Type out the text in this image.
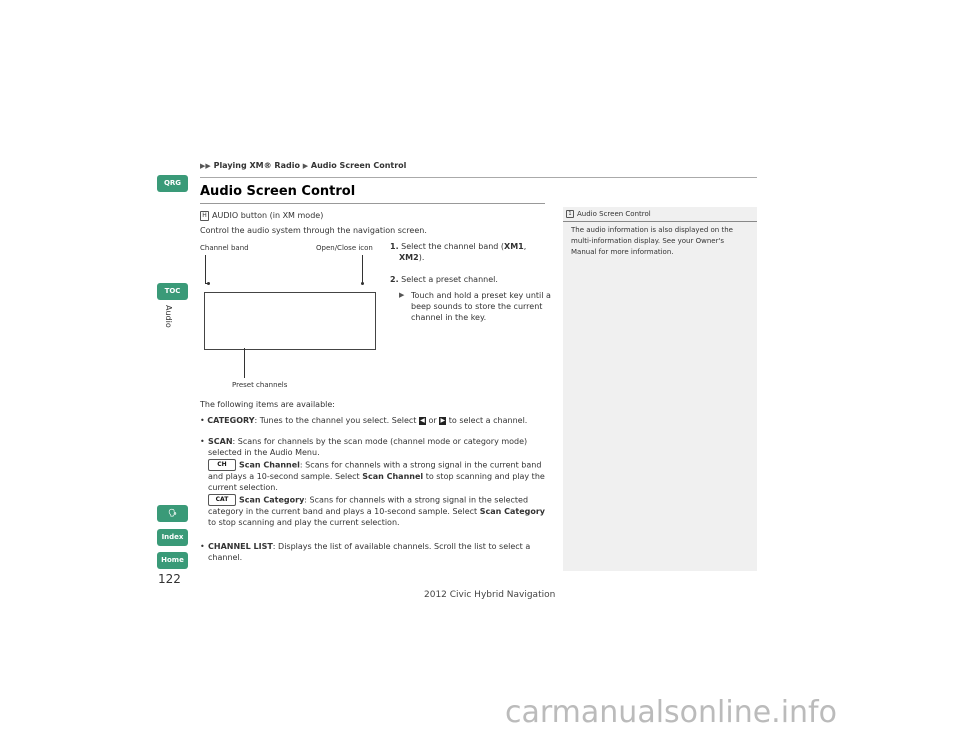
▶▶ Playing XM® Radio ▶ Audio Screen Control
QRG
TOC
Audio
🗣
Index
Home
122
Audio Screen Control
H AUDIO button (in XM mode)
Control the audio system through the navigation screen.
Channel band	Open/Close icon
Preset channels
1. Select the channel band (XM1,
XM2).
2. Select a preset channel.
▶ Touch and hold a preset key until a beep sounds to store the current channel in the key.
The following items are available:
• CATEGORY: Tunes to the channel you select. Select ◀ or ▶ to select a channel.
• SCAN: Scans for channels by the scan mode (channel mode or category mode) selected in the Audio Menu.
CH Scan Channel: Scans for channels with a strong signal in the current band and plays a 10-second sample. Select Scan Channel to stop scanning and play the current selection.
CAT Scan Category: Scans for channels with a strong signal in the selected category in the current band and plays a 10-second sample. Select Scan Category to stop scanning and play the current selection.
• CHANNEL LIST: Displays the list of available channels. Scroll the list to select a channel.
1 Audio Screen Control
The audio information is also displayed on the multi-information display. See your Owner's Manual for more information.
2012 Civic Hybrid Navigation
carmanualsonline.info
